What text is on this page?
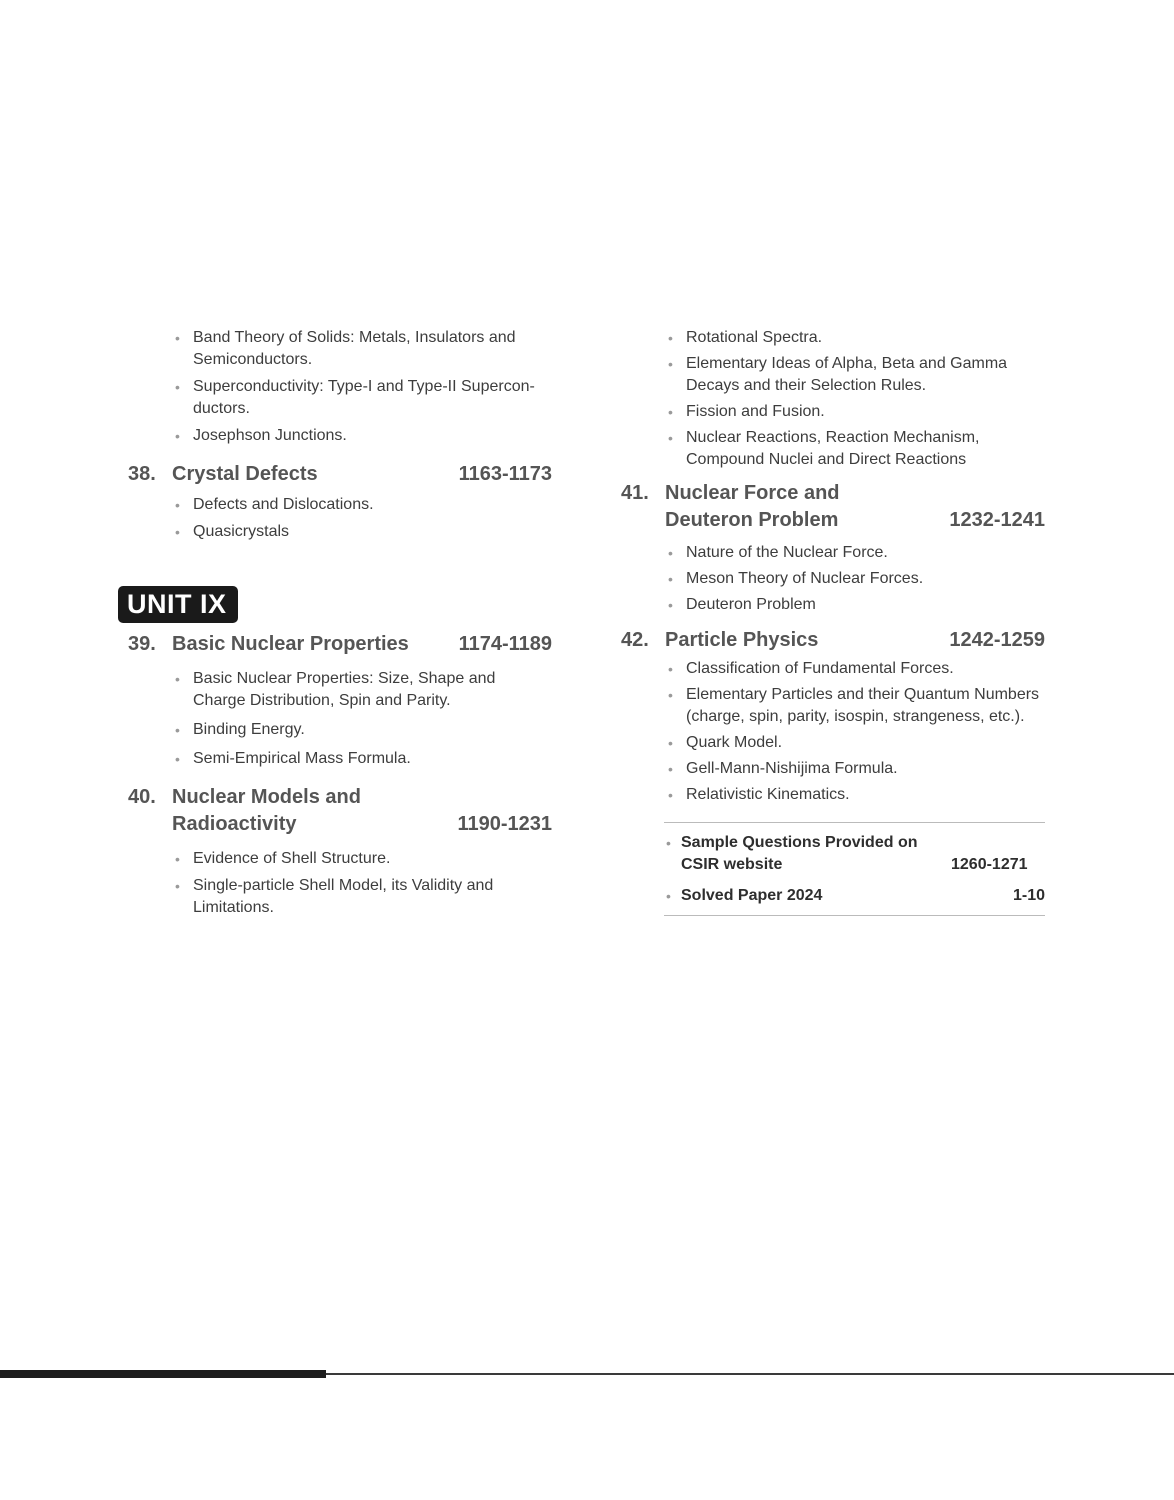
• Band Theory of Solids: Metals, Insulators and Semiconductors.
• Superconductivity: Type-I and Type-II Supercon-ductors.
• Josephson Junctions.
38. Crystal Defects	1163-1173
• Defects and Dislocations.
• Quasicrystals
UNIT IX
39. Basic Nuclear Properties	1174-1189
• Basic Nuclear Properties: Size, Shape and Charge Distribution, Spin and Parity.
• Binding Energy.
• Semi-Empirical Mass Formula.
40. Nuclear Models and
Radioactivity	1190-1231
• Evidence of Shell Structure.
• Single-particle Shell Model, its Validity and Limitations.
• Rotational Spectra.
• Elementary Ideas of Alpha, Beta and Gamma Decays and their Selection Rules.
• Fission and Fusion.
• Nuclear Reactions, Reaction Mechanism, Compound Nuclei and Direct Reactions
41. Nuclear Force and
Deuteron Problem	1232-1241
• Nature of the Nuclear Force.
• Meson Theory of Nuclear Forces.
• Deuteron Problem
42. Particle Physics	1242-1259
• Classification of Fundamental Forces.
• Elementary Particles and their Quantum Numbers (charge, spin, parity, isospin, strangeness, etc.).
• Quark Model.
• Gell-Mann-Nishijima Formula.
• Relativistic Kinematics.
• Sample Questions Provided on CSIR website	1260-1271
• Solved Paper 2024	1-10
